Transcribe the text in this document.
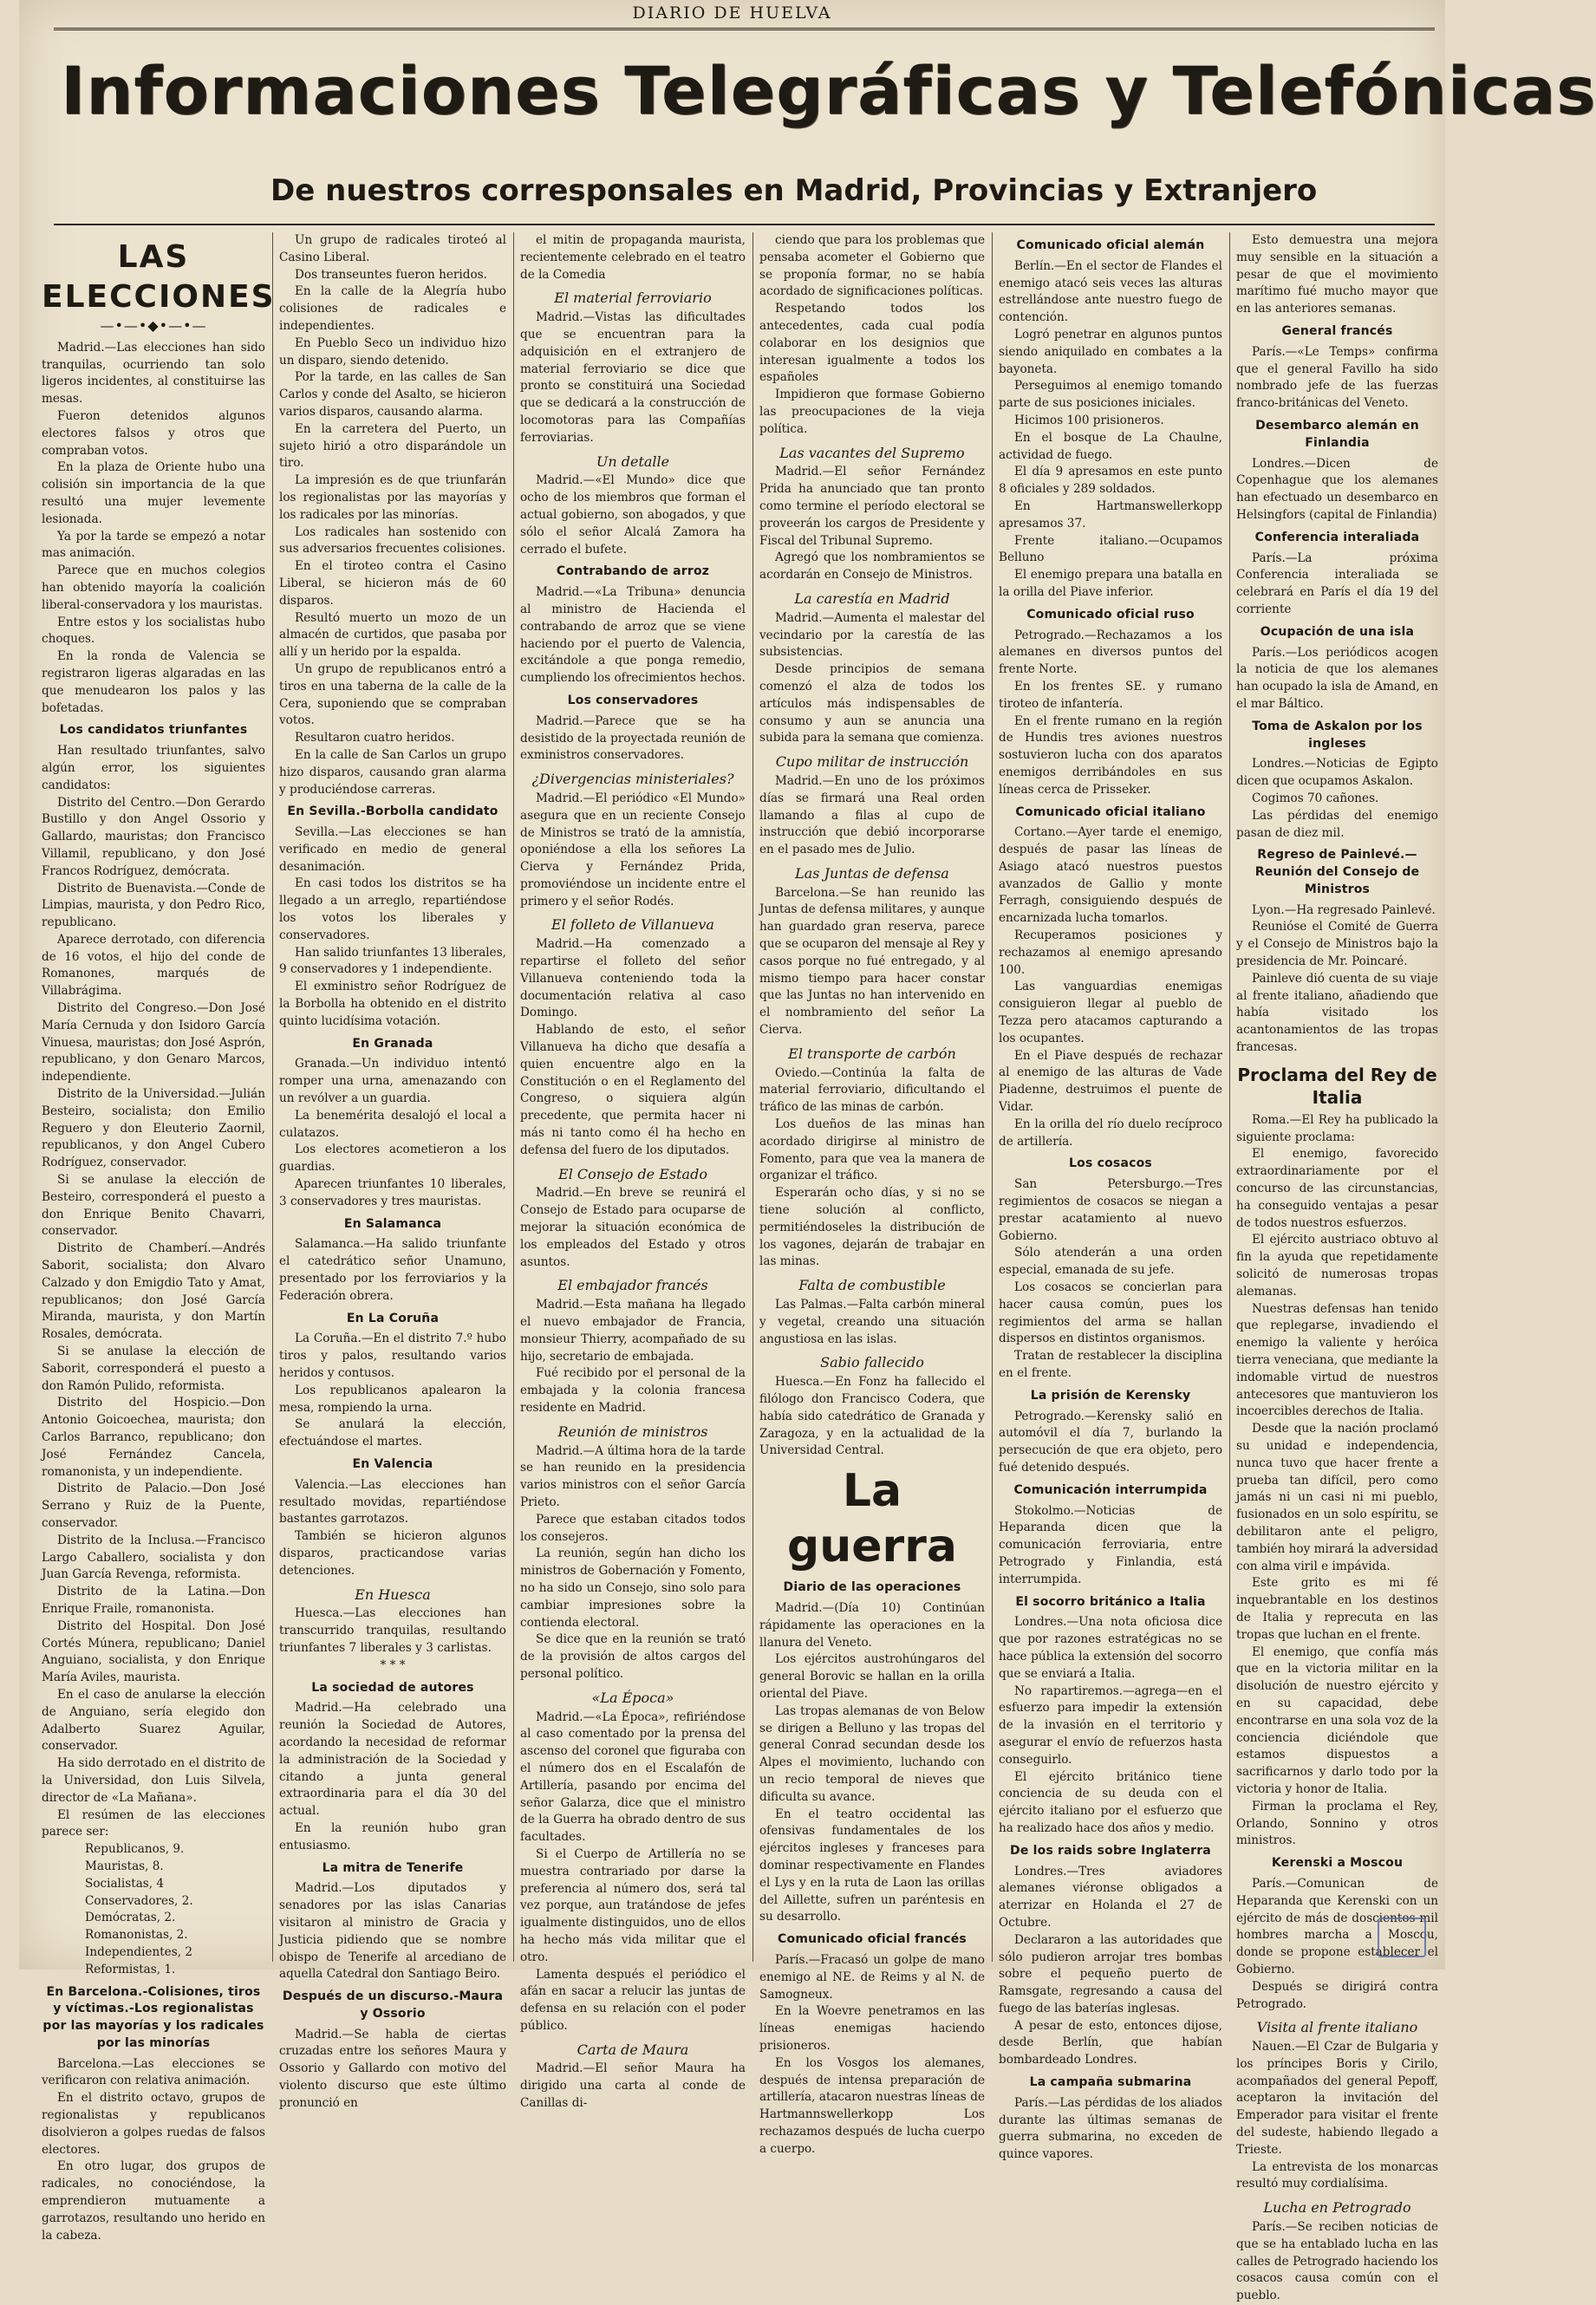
DIARIO DE HUELVA
Informaciones Telegráficas y Telefónicas
De nuestros corresponsales en Madrid, Provincias y Extranjero
LAS ELECCIONES
—•—•◆•—•—

Madrid.—Las elecciones han sido tranquilas, ocurriendo tan solo ligeros incidentes, al constituirse las mesas.

Fueron detenidos algunos electores falsos y otros que compraban votos.

En la plaza de Oriente hubo una colisión sin importancia de la que resultó una mujer levemente lesionada.

Ya por la tarde se empezó a notar mas animación.

Parece que en muchos colegios han obtenido mayoría la coalición liberal-conservadora y los mauristas.

Entre estos y los socialistas hubo choques.

En la ronda de Valencia se registraron ligeras algaradas en las que menudearon los palos y las bofetadas.

Los candidatos triunfantes

Han resultado triunfantes, salvo algún error, los siguientes candidatos:

Distrito del Centro.—Don Gerardo Bustillo y don Angel Ossorio y Gallardo, mauristas; don Francisco Villamil, republicano, y don José Francos Rodríguez, demócrata.

Distrito de Buenavista.—Conde de Limpias, maurista, y don Pedro Rico, republicano.

Aparece derrotado, con diferencia de 16 votos, el hijo del conde de Romanones, marqués de Villabrágima.

Distrito del Congreso.—Don José María Cernuda y don Isidoro García Vinuesa, mauristas; don José Asprón, republicano, y don Genaro Marcos, independiente.

Distrito de la Universidad.—Julián Besteiro, socialista; don Emilio Reguero y don Eleuterio Zaornil, republicanos, y don Angel Cubero Rodríguez, conservador.

Si se anulase la elección de Besteiro, corresponderá el puesto a don Enrique Benito Chavarri, conservador.

Distrito de Chamberí.—Andrés Saborit, socialista; don Alvaro Calzado y don Emigdio Tato y Amat, republicanos; don José García Miranda, maurista, y don Martín Rosales, demócrata.

Si se anulase la elección de Saborit, corresponderá el puesto a don Ramón Pulido, reformista.

Distrito del Hospicio.—Don Antonio Goicoechea, maurista; don Carlos Barranco, republicano; don José Fernández Cancela, romanonista, y un independiente.

Distrito de Palacio.—Don José Serrano y Ruiz de la Puente, conservador.

Distrito de la Inclusa.—Francisco Largo Caballero, socialista y don Juan García Revenga, reformista.

Distrito de la Latina.—Don Enrique Fraile, romanonista.

Distrito del Hospital. Don José Cortés Múnera, republicano; Daniel Anguiano, socialista, y don Enrique María Aviles, maurista.

En el caso de anularse la elección de Anguiano, sería elegido don Adalberto Suarez Aguilar, conservador.

Ha sido derrotado en el distrito de la Universidad, don Luis Silvela, director de «La Mañana».

El resúmen de las elecciones parece ser:

Republicanos, 9.

Mauristas, 8.

Socialistas, 4

Conservadores, 2.

Demócratas, 2.

Romanonistas, 2.

Independientes, 2

Reformistas, 1.

En Barcelona.-Colisiones, tiros y víctimas.-Los regionalistas por las mayorías y los radicales por las minorías

Barcelona.—Las elecciones se verificaron con relativa animación.

En el distrito octavo, grupos de regionalistas y republicanos disolvieron a golpes ruedas de falsos electores.

En otro lugar, dos grupos de radicales, no conociéndose, la emprendieron mutuamente a garrotazos, resultando uno herido en la cabeza.

Un grupo de radicales tiroteó al Casino Liberal.

Dos transeuntes fueron heridos.

En la calle de la Alegría hubo colisiones de radicales e independientes.

En Pueblo Seco un individuo hizo un disparo, siendo detenido.

Por la tarde, en las calles de San Carlos y conde del Asalto, se hicieron varios disparos, causando alarma.

En la carretera del Puerto, un sujeto hirió a otro disparándole un tiro.

La impresión es de que triunfarán los regionalistas por las mayorías y los radicales por las minorías.

Los radicales han sostenido con sus adversarios frecuentes colisiones.

En el tiroteo contra el Casino Liberal, se hicieron más de 60 disparos.

Resultó muerto un mozo de un almacén de curtidos, que pasaba por allí y un herido por la espalda.

Un grupo de republicanos entró a tiros en una taberna de la calle de la Cera, suponiendo que se compraban votos.

Resultaron cuatro heridos.

En la calle de San Carlos un grupo hizo disparos, causando gran alarma y produciéndose carreras.

En Sevilla.-Borbolla candidato

Sevilla.—Las elecciones se han verificado en medio de general desanimación.

En casi todos los distritos se ha llegado a un arreglo, repartiéndose los votos los liberales y conservadores.

Han salido triunfantes 13 liberales, 9 conservadores y 1 independiente.

El exministro señor Rodríguez de la Borbolla ha obtenido en el distrito quinto lucidísima votación.

En Granada

Granada.—Un individuo intentó romper una urna, amenazando con un revólver a un guardia.

La benemérita desalojó el local a culatazos.

Los electores acometieron a los guardias.

Aparecen triunfantes 10 liberales, 3 conservadores y tres mauristas.

En Salamanca

Salamanca.—Ha salido triunfante el catedrático señor Unamuno, presentado por los ferroviarios y la Federación obrera.

En La Coruña

La Coruña.—En el distrito 7.º hubo tiros y palos, resultando varios heridos y contusos.

Los republicanos apalearon la mesa, rompiendo la urna.

Se anulará la elección, efectuándose el martes.

En Valencia

Valencia.—Las elecciones han resultado movidas, repartiéndose bastantes garrotazos.

También se hicieron algunos disparos, practicandose varias detenciones.

En Huesca

Huesca.—Las elecciones han transcurrido tranquilas, resultando triunfantes 7 liberales y 3 carlistas.

* * *

La sociedad de autores

Madrid.—Ha celebrado una reunión la Sociedad de Autores, acordando la necesidad de reformar la administración de la Sociedad y citando a junta general extraordinaria para el día 30 del actual.

En la reunión hubo gran entusiasmo.

La mitra de Tenerife

Madrid.—Los diputados y senadores por las islas Canarias visitaron al ministro de Gracia y Justicia pidiendo que se nombre obispo de Tenerife al arcediano de aquella Catedral don Santiago Beiro.

Después de un discurso.-Maura y Ossorio

Madrid.—Se habla de ciertas cruzadas entre los señores Maura y Ossorio y Gallardo con motivo del violento discurso que este último pronunció en

el mitin de propaganda maurista, recientemente celebrado en el teatro de la Comedia

El material ferroviario

Madrid.—Vistas las dificultades que se encuentran para la adquisición en el extranjero de material ferroviario se dice que pronto se constituirá una Sociedad que se dedicará a la construcción de locomotoras para las Compañías ferroviarias.

Un detalle

Madrid.—«El Mundo» dice que ocho de los miembros que forman el actual gobierno, son abogados, y que sólo el señor Alcalá Zamora ha cerrado el bufete.

Contrabando de arroz

Madrid.—«La Tribuna» denuncia al ministro de Hacienda el contrabando de arroz que se viene haciendo por el puerto de Valencia, excitándole a que ponga remedio, cumpliendo los ofrecimientos hechos.

Los conservadores

Madrid.—Parece que se ha desistido de la proyectada reunión de exministros conservadores.

¿Divergencias ministeriales?

Madrid.—El periódico «El Mundo» asegura que en un reciente Consejo de Ministros se trató de la amnistía, oponiéndose a ella los señores La Cierva y Fernández Prida, promoviéndose un incidente entre el primero y el señor Rodés.

El folleto de Villanueva

Madrid.—Ha comenzado a repartirse el folleto del señor Villanueva conteniendo toda la documentación relativa al caso Domingo.

Hablando de esto, el señor Villanueva ha dicho que desafía a quien encuentre algo en la Constitución o en el Reglamento del Congreso, o siquiera algún precedente, que permita hacer ni más ni tanto como él ha hecho en defensa del fuero de los diputados.

El Consejo de Estado

Madrid.—En breve se reunirá el Consejo de Estado para ocuparse de mejorar la situación económica de los empleados del Estado y otros asuntos.

El embajador francés

Madrid.—Esta mañana ha llegado el nuevo embajador de Francia, monsieur Thierry, acompañado de su hijo, secretario de embajada.

Fué recibido por el personal de la embajada y la colonia francesa residente en Madrid.

Reunión de ministros

Madrid.—A última hora de la tarde se han reunido en la presidencia varios ministros con el señor García Prieto.

Parece que estaban citados todos los consejeros.

La reunión, según han dicho los ministros de Gobernación y Fomento, no ha sido un Consejo, sino solo para cambiar impresiones sobre la contienda electoral.

Se dice que en la reunión se trató de la provisión de altos cargos del personal político.

«La Época»

Madrid.—«La Época», refiriéndose al caso comentado por la prensa del ascenso del coronel que figuraba con el número dos en el Escalafón de Artillería, pasando por encima del señor Galarza, dice que el ministro de la Guerra ha obrado dentro de sus facultades.

Si el Cuerpo de Artillería no se muestra contrariado por darse la preferencia al número dos, será tal vez porque, aun tratándose de jefes igualmente distinguidos, uno de ellos ha hecho más vida militar que el otro.

Lamenta después el periódico el afán en sacar a relucir las juntas de defensa en su relación con el poder público.

Carta de Maura

Madrid.—El señor Maura ha dirigido una carta al conde de Canillas di-

ciendo que para los problemas que pensaba acometer el Gobierno que se proponía formar, no se había acordado de significaciones políticas.

Respetando todos los antecedentes, cada cual podía colaborar en los designios que interesan igualmente a todos los españoles

Impidieron que formase Gobierno las preocupaciones de la vieja política.

Las vacantes del Supremo

Madrid.—El señor Fernández Prida ha anunciado que tan pronto como termine el período electoral se proveerán los cargos de Presidente y Fiscal del Tribunal Supremo.

Agregó que los nombramientos se acordarán en Consejo de Ministros.

La carestía en Madrid

Madrid.—Aumenta el malestar del vecindario por la carestía de las subsistencias.

Desde principios de semana comenzó el alza de todos los artículos más indispensables de consumo y aun se anuncia una subida para la semana que comienza.

Cupo militar de instrucción

Madrid.—En uno de los próximos días se firmará una Real orden llamando a filas al cupo de instrucción que debió incorporarse en el pasado mes de Julio.

Las Juntas de defensa

Barcelona.—Se han reunido las Juntas de defensa militares, y aunque han guardado gran reserva, parece que se ocuparon del mensaje al Rey y casos porque no fué entregado, y al mismo tiempo para hacer constar que las Juntas no han intervenido en el nombramiento del señor La Cierva.

El transporte de carbón

Oviedo.—Continúa la falta de material ferroviario, dificultando el tráfico de las minas de carbón.

Los dueños de las minas han acordado dirigirse al ministro de Fomento, para que vea la manera de organizar el tráfico.

Esperarán ocho días, y si no se tiene solución al conflicto, permitiéndoseles la distribución de los vagones, dejarán de trabajar en las minas.

Falta de combustible

Las Palmas.—Falta carbón mineral y vegetal, creando una situación angustiosa en las islas.

Sabio fallecido

Huesca.—En Fonz ha fallecido el filólogo don Francisco Codera, que había sido catedrático de Granada y Zaragoza, y en la actualidad de la Universidad Central.

La guerra
Diario de las operaciones

Madrid.—(Día 10) Continúan rápidamente las operaciones en la llanura del Veneto.

Los ejércitos austrohúngaros del general Borovic se hallan en la orilla oriental del Piave.

Las tropas alemanas de von Below se dirigen a Belluno y las tropas del general Conrad secundan desde los Alpes el movimiento, luchando con un recio temporal de nieves que dificulta su avance.

En el teatro occidental las ofensivas fundamentales de los ejércitos ingleses y franceses para dominar respectivamente en Flandes el Lys y en la ruta de Laon las orillas del Aillette, sufren un paréntesis en su desarrollo.

Comunicado oficial francés

París.—Fracasó un golpe de mano enemigo al NE. de Reims y al N. de Samogneux.

En la Woevre penetramos en las líneas enemigas haciendo prisioneros.

En los Vosgos los alemanes, después de intensa preparación de artillería, atacaron nuestras líneas de Hartmannswellerkopp Los rechazamos después de lucha cuerpo a cuerpo.

Comunicado oficial alemán

Berlín.—En el sector de Flandes el enemigo atacó seis veces las alturas estrellándose ante nuestro fuego de contención.

Logró penetrar en algunos puntos siendo aniquilado en combates a la bayoneta.

Perseguimos al enemigo tomando parte de sus posiciones iniciales.

Hicimos 100 prisioneros.

En el bosque de La Chaulne, actividad de fuego.

El día 9 apresamos en este punto 8 oficiales y 289 soldados.

En Hartmanswellerkopp apresamos 37.

Frente italiano.—Ocupamos Belluno

El enemigo prepara una batalla en la orilla del Piave inferior.

Comunicado oficial ruso

Petrogrado.—Rechazamos a los alemanes en diversos puntos del frente Norte.

En los frentes SE. y rumano tiroteo de infantería.

En el frente rumano en la región de Hundis tres aviones nuestros sostuvieron lucha con dos aparatos enemigos derribándoles en sus líneas cerca de Prisseker.

Comunicado oficial italiano

Cortano.—Ayer tarde el enemigo, después de pasar las líneas de Asiago atacó nuestros puestos avanzados de Gallio y monte Ferragh, consiguiendo después de encarnizada lucha tomarlos.

Recuperamos posiciones y rechazamos al enemigo apresando 100.

Las vanguardias enemigas consiguieron llegar al pueblo de Tezza pero atacamos capturando a los ocupantes.

En el Piave después de rechazar al enemigo de las alturas de Vade Piadenne, destruimos el puente de Vidar.

En la orilla del río duelo recíproco de artillería.

Los cosacos

San Petersburgo.—Tres regimientos de cosacos se niegan a prestar acatamiento al nuevo Gobierno.

Sólo atenderán a una orden especial, emanada de su jefe.

Los cosacos se concierlan para hacer causa común, pues los regimientos del arma se hallan dispersos en distintos organismos.

Tratan de restablecer la disciplina en el frente.

La prisión de Kerensky

Petrogrado.—Kerensky salió en automóvil el día 7, burlando la persecución de que era objeto, pero fué detenido después.

Comunicación interrumpida

Stokolmo.—Noticias de Heparanda dicen que la comunicación ferroviaria, entre Petrogrado y Finlandia, está interrumpida.

El socorro británico a Italia

Londres.—Una nota oficiosa dice que por razones estratégicas no se hace pública la extensión del socorro que se enviará a Italia.

No rapartiremos.—agrega—en el esfuerzo para impedir la extensión de la invasión en el territorio y asegurar el envío de refuerzos hasta conseguirlo.

El ejército británico tiene conciencia de su deuda con el ejército italiano por el esfuerzo que ha realizado hace dos años y medio.

De los raids sobre Inglaterra

Londres.—Tres aviadores alemanes viéronse obligados a aterrizar en Holanda el 27 de Octubre.

Declararon a las autoridades que sólo pudieron arrojar tres bombas sobre el pequeño puerto de Ramsgate, regresando a causa del fuego de las baterías inglesas.

A pesar de esto, entonces dijose, desde Berlín, que habían bombardeado Londres.

La campaña submarina

París.—Las pérdidas de los aliados durante las últimas semanas de guerra submarina, no exceden de quince vapores.

Esto demuestra una mejora muy sensible en la situación a pesar de que el movimiento marítimo fué mucho mayor que en las anteriores semanas.

General francés

París.—«Le Temps» confirma que el general Favillo ha sido nombrado jefe de las fuerzas franco-británicas del Veneto.

Desembarco alemán en Finlandia

Londres.—Dicen de Copenhague que los alemanes han efectuado un desembarco en Helsingfors (capital de Finlandia)

Conferencia interaliada

París.—La próxima Conferencia interaliada se celebrará en París el día 19 del corriente

Ocupación de una isla

París.—Los periódicos acogen la noticia de que los alemanes han ocupado la isla de Amand, en el mar Báltico.

Toma de Askalon por los ingleses

Londres.—Noticias de Egipto dicen que ocupamos Askalon.

Cogimos 70 cañones.

Las pérdidas del enemigo pasan de diez mil.

Regreso de Painlevé.—Reunión del Consejo de Ministros

Lyon.—Ha regresado Painlevé.

Reunióse el Comité de Guerra y el Consejo de Ministros bajo la presidencia de Mr. Poincaré.

Painleve dió cuenta de su viaje al frente italiano, añadiendo que había visitado los acantonamientos de las tropas francesas.

Proclama del Rey de Italia

Roma.—El Rey ha publicado la siguiente proclama:

El enemigo, favorecido extraordinariamente por el concurso de las circunstancias, ha conseguido ventajas a pesar de todos nuestros esfuerzos.

El ejército austriaco obtuvo al fin la ayuda que repetidamente solicitó de numerosas tropas alemanas.

Nuestras defensas han tenido que replegarse, invadiendo el enemigo la valiente y heróica tierra veneciana, que mediante la indomable virtud de nuestros antecesores que mantuvieron los incoercibles derechos de Italia.

Desde que la nación proclamó su unidad e independencia, nunca tuvo que hacer frente a prueba tan difícil, pero como jamás ni un casi ni mi pueblo, fusionados en un solo espíritu, se debilitaron ante el peligro, también hoy mirará la adversidad con alma viril e impávida.

Este grito es mi fé inquebrantable en los destinos de Italia y reprecuta en las tropas que luchan en el frente.

El enemigo, que confía más que en la victoria militar en la disolución de nuestro ejército y en su capacidad, debe encontrarse en una sola voz de la conciencia diciéndole que estamos dispuestos a sacrificarnos y darlo todo por la victoria y honor de Italia.

Firman la proclama el Rey, Orlando, Sonnino y otros ministros.

Kerenski a Moscou

París.—Comunican de Heparanda que Kerenski con un ejército de más de doscientos mil hombres marcha a Moscou, donde se propone establecer el Gobierno.

Después se dirigirá contra Petrogrado.

Visita al frente italiano

Nauen.—El Czar de Bulgaria y los príncipes Boris y Cirilo, acompañados del general Pepoff, aceptaron la invitación del Emperador para visitar el frente del sudeste, habiendo llegado a Trieste.

La entrevista de los monarcas resultó muy cordialísima.

Lucha en Petrogrado

París.—Se reciben noticias de que se ha entablado lucha en las calles de Petrogrado haciendo los cosacos causa común con el pueblo.
